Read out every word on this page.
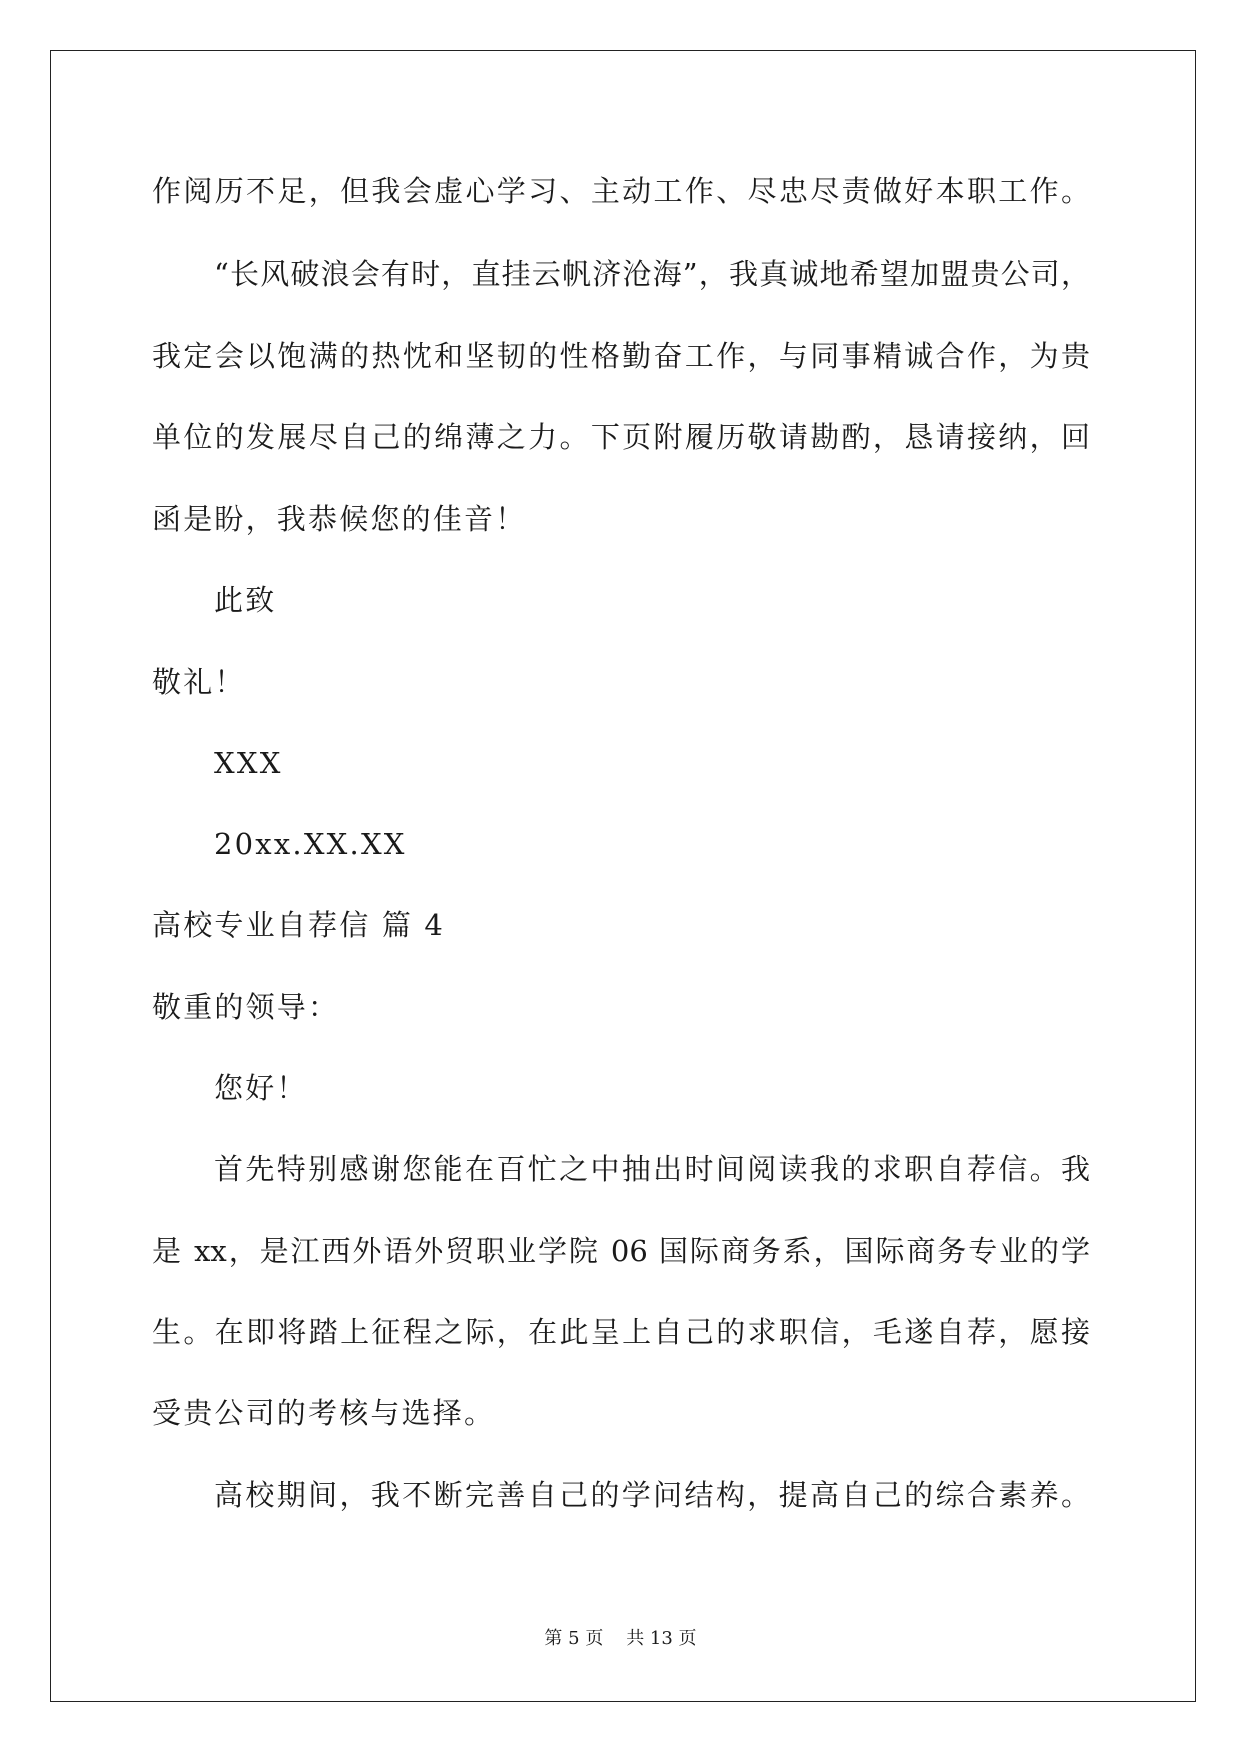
作阅历不足，但我会虚心学习、主动工作、尽忠尽责做好本职工作。
“长风破浪会有时，直挂云帆济沧海”，我真诚地希望加盟贵公司，
我定会以饱满的热忱和坚韧的性格勤奋工作，与同事精诚合作，为贵
单位的发展尽自己的绵薄之力。下页附履历敬请勘酌，恳请接纳，回
函是盼，我恭候您的佳音！
此致
敬礼！
XXX
20xx.XX.XX
高校专业自荐信 篇 4
敬重的领导：
您好！
首先特别感谢您能在百忙之中抽出时间阅读我的求职自荐信。我
是 xx，是江西外语外贸职业学院 06 国际商务系，国际商务专业的学
生。在即将踏上征程之际，在此呈上自己的求职信，毛遂自荐，愿接
受贵公司的考核与选择。
高校期间，我不断完善自己的学问结构，提高自己的综合素养。
第 5 页    共 13 页
